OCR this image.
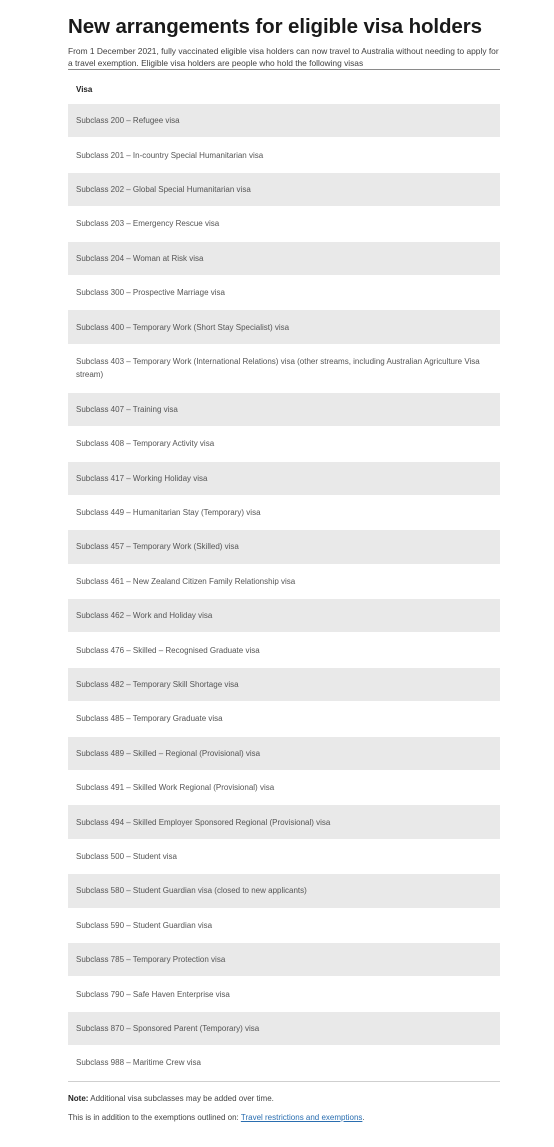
New arrangements for eligible visa holders
From 1 December 2021, fully vaccinated eligible visa holders can now travel to Australia without needing to apply for a travel exemption. Eligible visa holders are people who hold the following visas
Visa
Subclass 200 – Refugee visa
Subclass 201 – In-country Special Humanitarian visa
Subclass 202 – Global Special Humanitarian visa
Subclass 203 – Emergency Rescue visa
Subclass 204 – Woman at Risk visa
Subclass 300 – Prospective Marriage visa
Subclass 400 – Temporary Work (Short Stay Specialist) visa
Subclass 403 – Temporary Work (International Relations) visa (other streams, including Australian Agriculture Visa stream)
Subclass 407 – Training visa
Subclass 408 – Temporary Activity visa
Subclass 417 – Working Holiday visa
Subclass 449 – Humanitarian Stay (Temporary) visa
Subclass 457 – Temporary Work (Skilled) visa
Subclass 461 – New Zealand Citizen Family Relationship visa
Subclass 462 – Work and Holiday visa
Subclass 476 – Skilled – Recognised Graduate visa
Subclass 482 – Temporary Skill Shortage visa
Subclass 485 – Temporary Graduate visa
Subclass 489 – Skilled – Regional (Provisional) visa
Subclass 491 – Skilled Work Regional (Provisional) visa
Subclass 494 – Skilled Employer Sponsored Regional (Provisional) visa
Subclass 500 – Student visa
Subclass 580 – Student Guardian visa (closed to new applicants)
Subclass 590 – Student Guardian visa
Subclass 785 – Temporary Protection visa
Subclass 790 – Safe Haven Enterprise visa
Subclass 870 – Sponsored Parent (Temporary) visa
Subclass 988 – Maritime Crew visa
Note: Additional visa subclasses may be added over time.
This is in addition to the exemptions outlined on: Travel restrictions and exemptions.
